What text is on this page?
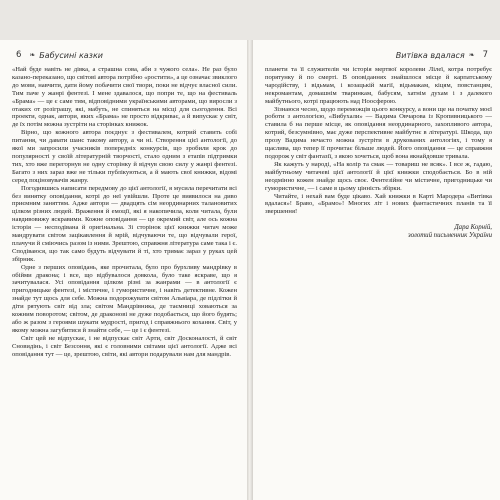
6 ❧ Бабусині казки

«Най буде навіть не дівка, а страшна сова, аби з чужого села». Не раз було казано-переказано, що світові автора потрібно «ростити», а це означає звиклого до мови, навчити, дати йому побачити свої твори, поки не відчує власної сили. Тим паче у жанрі фентезі. І мене здавалося, що попри те, що на фестиваль «Брама» — це є саме тим, відповідними українськими авторами, що виросли з отаких от розіграшу, які, мабуть, не спиняться на місці для сьогодення. Всі проекти, однак, автори, яких «Брама» не просто відкриває, а й випускає у світ, де їх потім можна зустріти на сторінках книжок.

Вірно, що кожного автора поєднує з фестивалем, котрий ставить собі питання, чи давати шанс такому автору, а чи ні. Створення цієї антології, до якої ми запросили учасників попередніх конкурсів, що зробили крок до популярності у своїй літературній творчості, стало одним з етапів підтримки тих, хто вже перегорнув не одну сторінку й відчув свою силу у жанрі фентезі. Багато з них зараз вже не тільки публікуються, а й мають свої книжки, відомі серед поціновувачів жанру.

Погодившись написати передмову до цієї антології, я мусила перечитати всі без винятку оповідання, котрі до неї увійшли. Проте це виявилося на диво приємним заняттям. Адже автори — двадцять сім неординарних талановитих цілком різних людей. Враження й емоції, які я накопичила, коли читала, були навдивовижу яскравими. Кожне оповідання — це окремий світ, але ось кожна історія — несподівана й оригінальна. Зі сторінок цієї книжки читач може мандрувати світом зацікавлення й мрій, відчуваючи те, що відчували герої, плачучи й сміючись разом із ними. Зрештою, справжня література саме така і є. Сподіваюся, що так само будуть відчувати й ті, хто тримає зараз у руках цей збірник.

Одне з перших оповідань, яке прочитала, було про бурхливу мандрівку в обійми дракона; і все, що відбувалося довкола, було таке яскраве, що я зачитувалася. Усі оповідання цілком різні за жанрами — в антології є пригодницьке фентезі, і містичне, і гумористичне, і навіть детективне. Кожен знайде тут щось для себе. Можна подорожувати світом Альвіара, де підлітки й діти рятують світ від зла; світом Мандрівника, де таємниці ховаються за кожним поворотом; світом, де драконові не дуже подобається, що його будять; або ж разом з героями шукати мудрості, пригод і справжнього кохання. Світ, у якому можна загубитися й знайти себе, — це і є фентезі.

Світ цей не відпускає, і не відпускає світ Арти, світ Досконалості, й світ Сновидінь, і світ Безсоння, які є головними світами цієї антології. Адже всі оповідання тут — це, зрештою, світи, які автори подарували нам для мандрів.

Витівка вдалася ❧ 7

планети та її служителів чи історія мертвої королеви Лілеї, котра потребує порятунку й по смерті. В оповіданнях знайшлося місце й карпатському чародійству, і відьмам, і козацькій магії, відьмакам, кіцям, повстанцям, некромантам, домашнім тваринкам, бабусям, хатнім духам і з далекого майбутнього, котрі працюють над Ноосферою.

Зізнаюся чесно, щодо переможців цього конкурсу, а вони ще на початку моєї роботи з антологією, «Вибухали» — Вадима Овчарова із Кропивницького — ставила б на перше місце, як оповідання неординарного, захопливого автора, котрий, безсумнівно, має дуже перспективне майбутнє в літературі. Шкода, що прозу Вадима нечасто можна зустріти в друкованих антологіях, і тому я щаслива, що тепер її прочитає більше людей. Його оповідання — це справжня подорож у світ фантазії, з якою хочеться, щоб вона якнайдовше тривала.

Як кажуть у народі, «На колір та смак — товариш не всяк». І все ж, гадаю, майбутньому читачеві цієї антології й цієї книжки сподобається. Бо в ній неодмінно кожен знайде щось своє. Фентезійне чи містичне, пригодницьке чи гумористичне, — і саме в цьому цінність збірки.

Читайте, і нехай вам буде цікаво. Хай книжки в Карті Мародера «Витівка вдалася»! Браво, «Брамо»! Многих літ і нових фантастичних планів та її звершення!

Дара Корній,
золотий письменник України
